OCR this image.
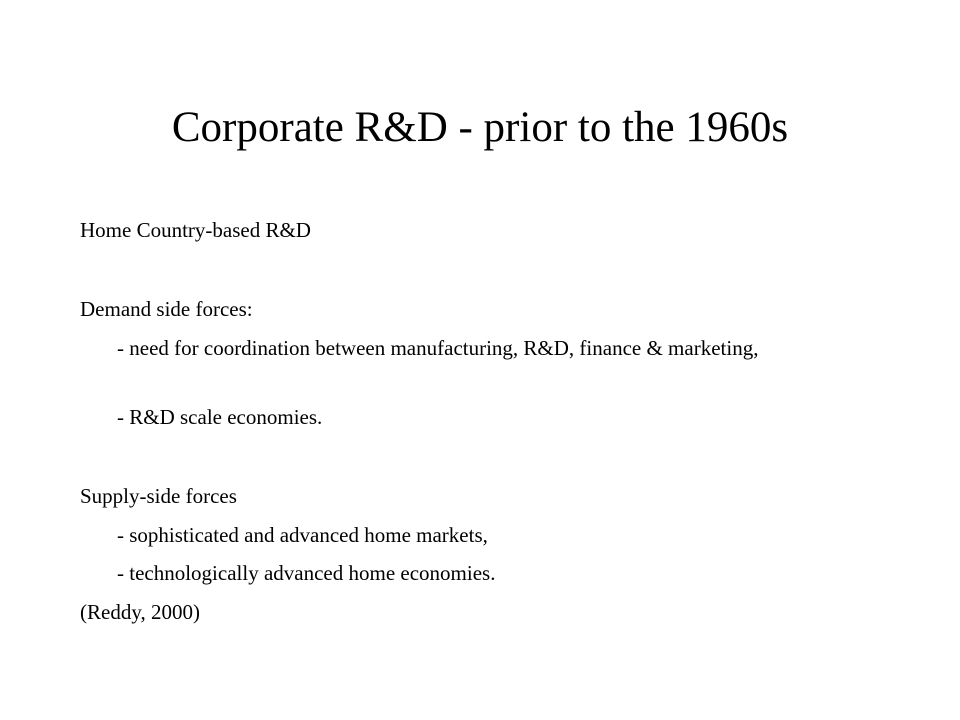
Corporate R&D - prior to the 1960s
Home Country-based R&D
Demand side forces:
- need for coordination between manufacturing, R&D, finance & marketing,
- R&D scale economies.
Supply-side forces
- sophisticated and advanced home markets,
- technologically advanced home economies.
(Reddy, 2000)
